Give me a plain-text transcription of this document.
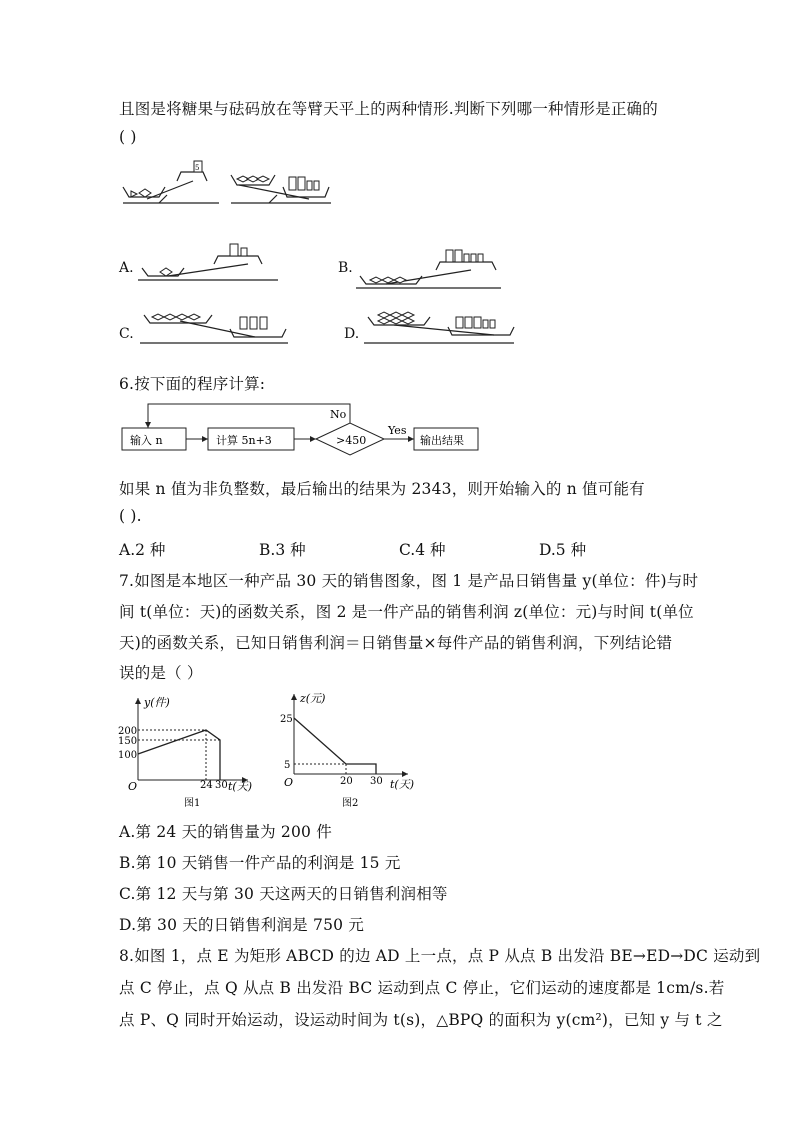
且图是将糖果与砝码放在等臂天平上的两种情形.判断下列哪一种情形是正确的
( )
5
A.	B.
C.	D.
6.按下面的程序计算:
输入 n	计算 5n+3	>450	输出结果
No
Yes
如果 n 值为非负整数，最后输出的结果为 2343，则开始输入的 n 值可能有
( ).
A.2 种	B.3 种	C.4 种	D.5 种
7.如图是本地区一种产品 30 天的销售图象，图 1 是产品日销售量 y(单位：件)与时
间 t(单位：天)的函数关系，图 2 是一件产品的销售利润 z(单位：元)与时间 t(单位
天)的函数关系，已知日销售利润＝日销售量×每件产品的销售利润，下列结论错
误的是（ ）
y(件)
200
150
100
O	24 30 t(天)
图1
z(元)
25
5
O	20 30 t(天)
图2
A.第 24 天的销售量为 200 件
B.第 10 天销售一件产品的利润是 15 元
C.第 12 天与第 30 天这两天的日销售利润相等
D.第 30 天的日销售利润是 750 元
8.如图 1，点 E 为矩形 ABCD 的边 AD 上一点，点 P 从点 B 出发沿 BE→ED→DC 运动到
点 C 停止，点 Q 从点 B 出发沿 BC 运动到点 C 停止，它们运动的速度都是 1cm/s.若
点 P、Q 同时开始运动，设运动时间为 t(s)，△BPQ 的面积为 y(cm²)，已知 y 与 t 之
